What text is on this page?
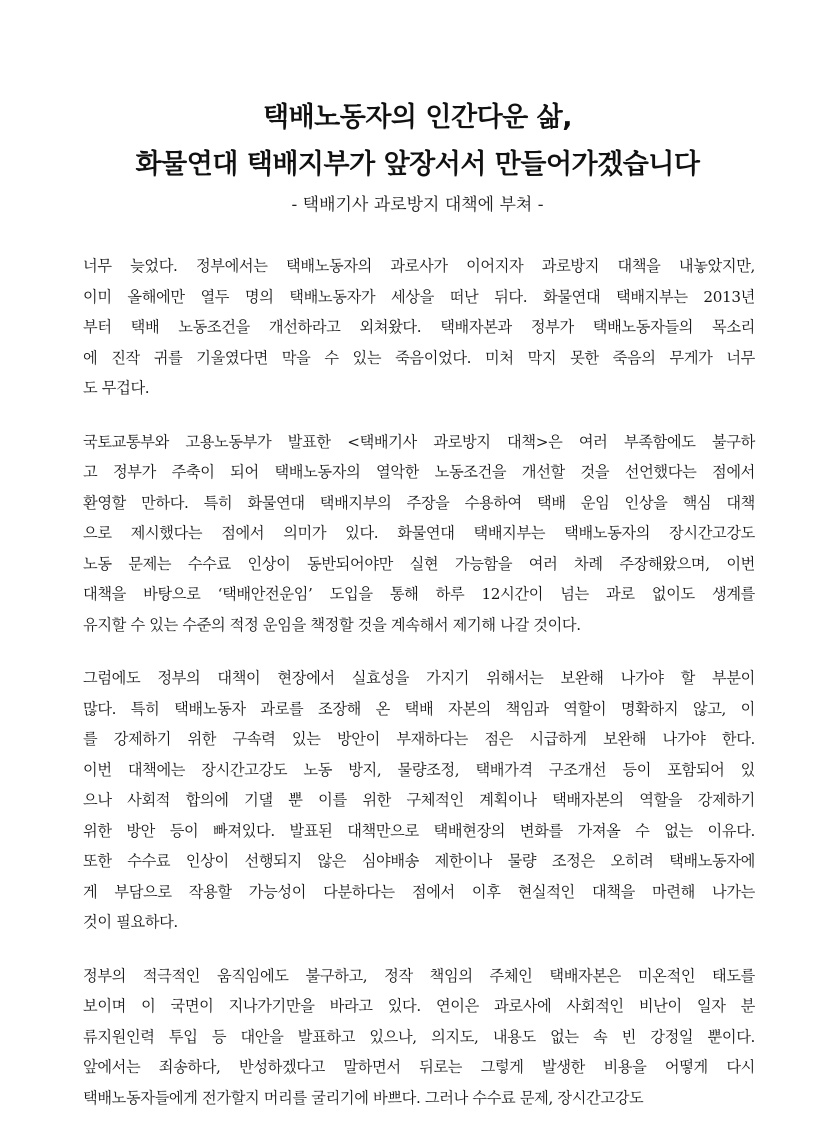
택배노동자의 인간다운 삶,
화물연대 택배지부가 앞장서서 만들어가겠습니다

- 택배기사 과로방지 대책에 부쳐 -

너무 늦었다. 정부에서는 택배노동자의 과로사가 이어지자 과로방지 대책을 내놓았지만,
이미 올해에만 열두 명의 택배노동자가 세상을 떠난 뒤다. 화물연대 택배지부는 2013년
부터 택배 노동조건을 개선하라고 외쳐왔다. 택배자본과 정부가 택배노동자들의 목소리
에 진작 귀를 기울였다면 막을 수 있는 죽음이었다. 미처 막지 못한 죽음의 무게가 너무
도 무겁다.
국토교통부와 고용노동부가 발표한 <택배기사 과로방지 대책>은 여러 부족함에도 불구하
고 정부가 주축이 되어 택배노동자의 열악한 노동조건을 개선할 것을 선언했다는 점에서
환영할 만하다. 특히 화물연대 택배지부의 주장을 수용하여 택배 운임 인상을 핵심 대책
으로 제시했다는 점에서 의미가 있다. 화물연대 택배지부는 택배노동자의 장시간고강도
노동 문제는 수수료 인상이 동반되어야만 실현 가능함을 여러 차례 주장해왔으며, 이번
대책을 바탕으로 ‘택배안전운임’ 도입을 통해 하루 12시간이 넘는 과로 없이도 생계를
유지할 수 있는 수준의 적정 운임을 책정할 것을 계속해서 제기해 나갈 것이다.
그럼에도 정부의 대책이 현장에서 실효성을 가지기 위해서는 보완해 나가야 할 부분이
많다. 특히 택배노동자 과로를 조장해 온 택배 자본의 책임과 역할이 명확하지 않고, 이
를 강제하기 위한 구속력 있는 방안이 부재하다는 점은 시급하게 보완해 나가야 한다.
이번 대책에는 장시간고강도 노동 방지, 물량조정, 택배가격 구조개선 등이 포함되어 있
으나 사회적 합의에 기댈 뿐 이를 위한 구체적인 계획이나 택배자본의 역할을 강제하기
위한 방안 등이 빠져있다. 발표된 대책만으로 택배현장의 변화를 가져올 수 없는 이유다.
또한 수수료 인상이 선행되지 않은 심야배송 제한이나 물량 조정은 오히려 택배노동자에
게 부담으로 작용할 가능성이 다분하다는 점에서 이후 현실적인 대책을 마련해 나가는
것이 필요하다.
정부의 적극적인 움직임에도 불구하고, 정작 책임의 주체인 택배자본은 미온적인 태도를
보이며 이 국면이 지나가기만을 바라고 있다. 연이은 과로사에 사회적인 비난이 일자 분
류지원인력 투입 등 대안을 발표하고 있으나, 의지도, 내용도 없는 속 빈 강정일 뿐이다.
앞에서는 죄송하다, 반성하겠다고 말하면서 뒤로는 그렇게 발생한 비용을 어떻게 다시
택배노동자들에게 전가할지 머리를 굴리기에 바쁘다. 그러나 수수료 문제, 장시간고강도
